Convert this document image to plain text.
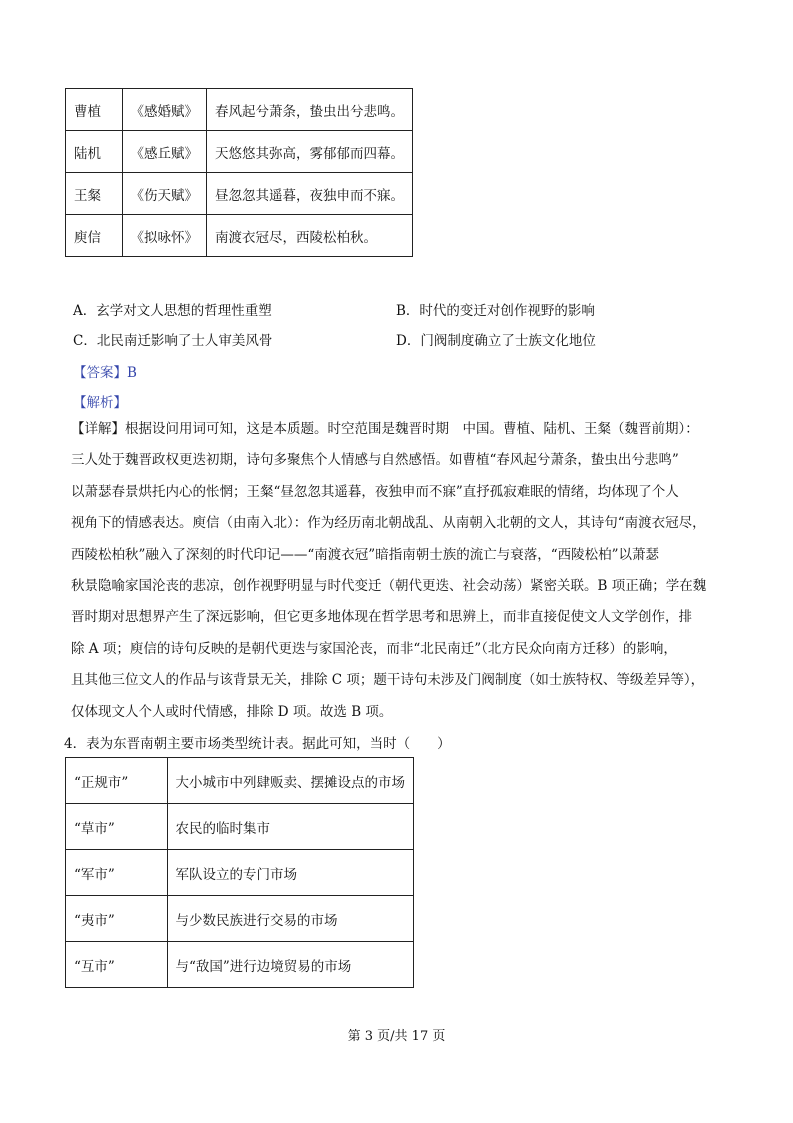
曹植	《感婚赋》	春风起兮萧条，蛰虫出兮悲鸣。
陆机	《感丘赋》	天悠悠其弥高，雾郁郁而四幕。
王粲	《伤天赋》	昼忽忽其遥暮，夜独申而不寐。
庾信	《拟咏怀》	南渡衣冠尽，西陵松柏秋。
A．玄学对文人思想的哲理性重塑	B．时代的变迁对创作视野的影响
C．北民南迁影响了士人审美风骨	D．门阀制度确立了士族文化地位
【答案】B
【解析】
【详解】根据设问用词可知，这是本质题。时空范围是魏晋时期　中国。曹植、陆机、王粲（魏晋前期）：
三人处于魏晋政权更迭初期，诗句多聚焦个人情感与自然感悟。如曹植“春风起兮萧条，蛰虫出兮悲鸣”
以萧瑟春景烘托内心的怅惘；王粲“昼忽忽其遥暮，夜独申而不寐”直抒孤寂难眠的情绪，均体现了个人
视角下的情感表达。庾信（由南入北）：作为经历南北朝战乱、从南朝入北朝的文人，其诗句“南渡衣冠尽，
西陵松柏秋”融入了深刻的时代印记——“南渡衣冠”暗指南朝士族的流亡与衰落，“西陵松柏”以萧瑟
秋景隐喻家国沦丧的悲凉，创作视野明显与时代变迁（朝代更迭、社会动荡）紧密关联。B 项正确；学在魏
晋时期对思想界产生了深远影响，但它更多地体现在哲学思考和思辨上，而非直接促使文人文学创作，排
除 A 项；庾信的诗句反映的是朝代更迭与家国沦丧，而非“北民南迁”（北方民众向南方迁移）的影响，
且其他三位文人的作品与该背景无关，排除 C 项；题干诗句未涉及门阀制度（如士族特权、等级差异等），
仅体现文人个人或时代情感，排除 D 项。故选 B 项。
4．表为东晋南朝主要市场类型统计表。据此可知，当时（　　）
“正规市”	大小城市中列肆贩卖、摆摊设点的市场
“草市”	农民的临时集市
“军市”	军队设立的专门市场
“夷市”	与少数民族进行交易的市场
“互市”	与“敌国”进行边境贸易的市场
第 3 页/共 17 页
